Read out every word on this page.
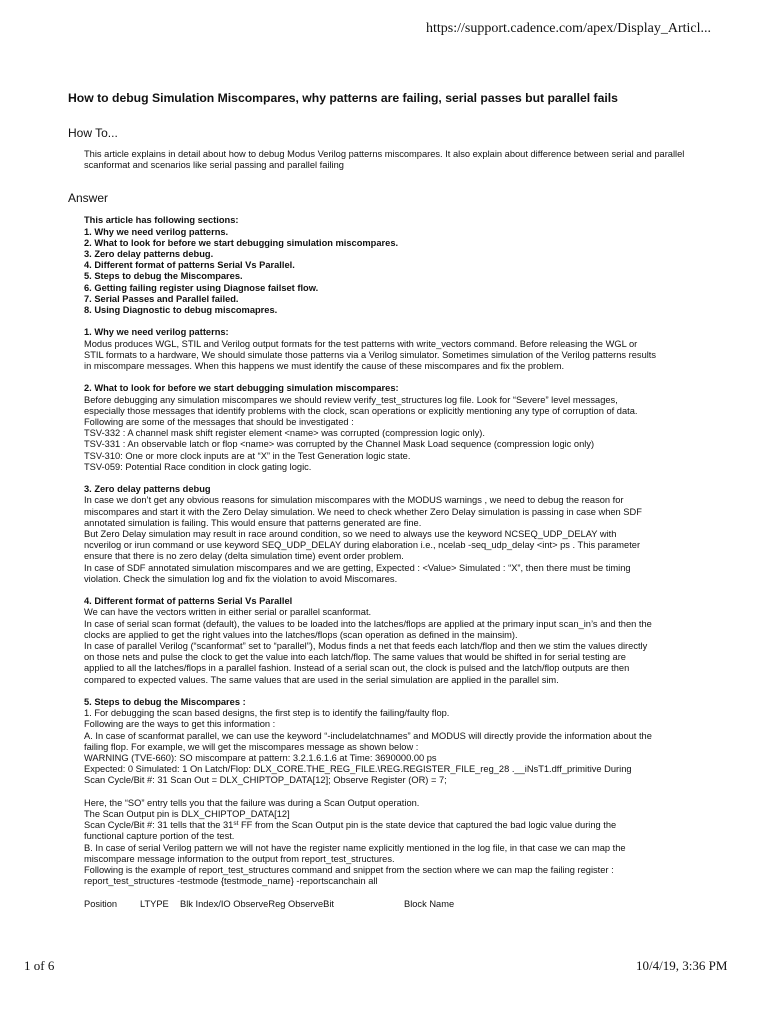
https://support.cadence.com/apex/Display_Articl...

How to debug Simulation Miscompares, why patterns are failing, serial passes but parallel fails

How To...

This article explains in detail about how to debug Modus Verilog patterns miscompares. It also explain about difference between serial and parallel scanformat and scenarios like serial passing and parallel failing

Answer

This article has following sections:
1. Why we need verilog patterns.
2. What to look for before we start debugging simulation miscompares.
3. Zero delay patterns debug.
4. Different format of patterns Serial Vs Parallel.
5. Steps to debug the Miscompares.
6. Getting failing register using Diagnose failset flow.
7. Serial Passes and Parallel failed.
8. Using Diagnostic to debug miscomapres.
1. Why we need verilog patterns:
Modus produces WGL, STIL and Verilog output formats for the test patterns with write_vectors command. Before releasing the WGL or
STIL formats to a hardware, We should simulate those patterns via a Verilog simulator. Sometimes simulation of the Verilog patterns results
in miscompare messages. When this happens we must identify the cause of these miscompares and fix the problem.
2. What to look for before we start debugging simulation miscompares:
Before debugging any simulation miscompares we should review verify_test_structures log file. Look for “Severe” level messages,
especially those messages that identify problems with the clock, scan operations or explicitly mentioning any type of corruption of data.
Following are some of the messages that should be investigated :
TSV-332 : A channel mask shift register element <name> was corrupted (compression logic only).
TSV-331 : An observable latch or flop <name> was corrupted by the Channel Mask Load sequence (compression logic only)
TSV-310: One or more clock inputs are at “X” in the Test Generation logic state.
TSV-059: Potential Race condition in clock gating logic.
3. Zero delay patterns debug
In case we don’t get any obvious reasons for simulation miscompares with the MODUS warnings , we need to debug the reason for
miscompares and start it with the Zero Delay simulation. We need to check whether Zero Delay simulation is passing in case when SDF
annotated simulation is failing. This would ensure that patterns generated are fine.
But Zero Delay simulation may result in race around condition, so we need to always use the keyword NCSEQ_UDP_DELAY with
ncverilog or irun command or use keyword SEQ_UDP_DELAY during elaboration i.e., ncelab -seq_udp_delay <int> ps . This parameter
ensure that there is no zero delay (delta simulation time) event order problem.
In case of SDF annotated simulation miscompares and we are getting, Expected : <Value> Simulated : “X”, then there must be timing
violation. Check the simulation log and fix the violation to avoid Miscomares.
4. Different format of patterns Serial Vs Parallel
We can have the vectors written in either serial or parallel scanformat.
In case of serial scan format (default), the values to be loaded into the latches/flops are applied at the primary input scan_in’s and then the
clocks are applied to get the right values into the latches/flops (scan operation as defined in the mainsim).
In case of parallel Verilog (“scanformat” set to “parallel”), Modus finds a net that feeds each latch/flop and then we stim the values directly
on those nets and pulse the clock to get the value into each latch/flop. The same values that would be shifted in for serial testing are
applied to all the latches/flops in a parallel fashion. Instead of a serial scan out, the clock is pulsed and the latch/flop outputs are then
compared to expected values. The same values that are used in the serial simulation are applied in the parallel sim.
5. Steps to debug the Miscompares :
1. For debugging the scan based designs, the first step is to identify the failing/faulty flop.
Following are the ways to get this information :
A. In case of scanformat parallel, we can use the keyword “-includelatchnames” and MODUS will directly provide the information about the
failing flop. For example, we will get the miscompares message as shown below :
WARNING (TVE-660): SO miscompare at pattern: 3.2.1.6.1.6 at Time: 3690000.00 ps
Expected: 0 Simulated: 1 On Latch/Flop: DLX_CORE.THE_REG_FILE.\REG.REGISTER_FILE_reg_28 .__iNsT1.dff_primitive During
Scan Cycle/Bit #: 31 Scan Out = DLX_CHIPTOP_DATA[12]; Observe Register (OR) = 7;
Here, the “SO” entry tells you that the failure was during a Scan Output operation.
The Scan Output pin is DLX_CHIPTOP_DATA[12]
Scan Cycle/Bit #: 31 tells that the 31st FF from the Scan Output pin is the state device that captured the bad logic value during the
functional capture portion of the test.
B. In case of serial Verilog pattern we will not have the register name explicitly mentioned in the log file, in that case we can map the
miscompare message information to the output from report_test_structures.
Following is the example of report_test_structures command and snippet from the section where we can map the failing register :
report_test_structures -testmode {testmode_name} -reportscanchain all
Position	LTYPE	Blk Index/IO ObserveReg ObserveBit	Block Name
1 of 6	10/4/19, 3:36 PM
